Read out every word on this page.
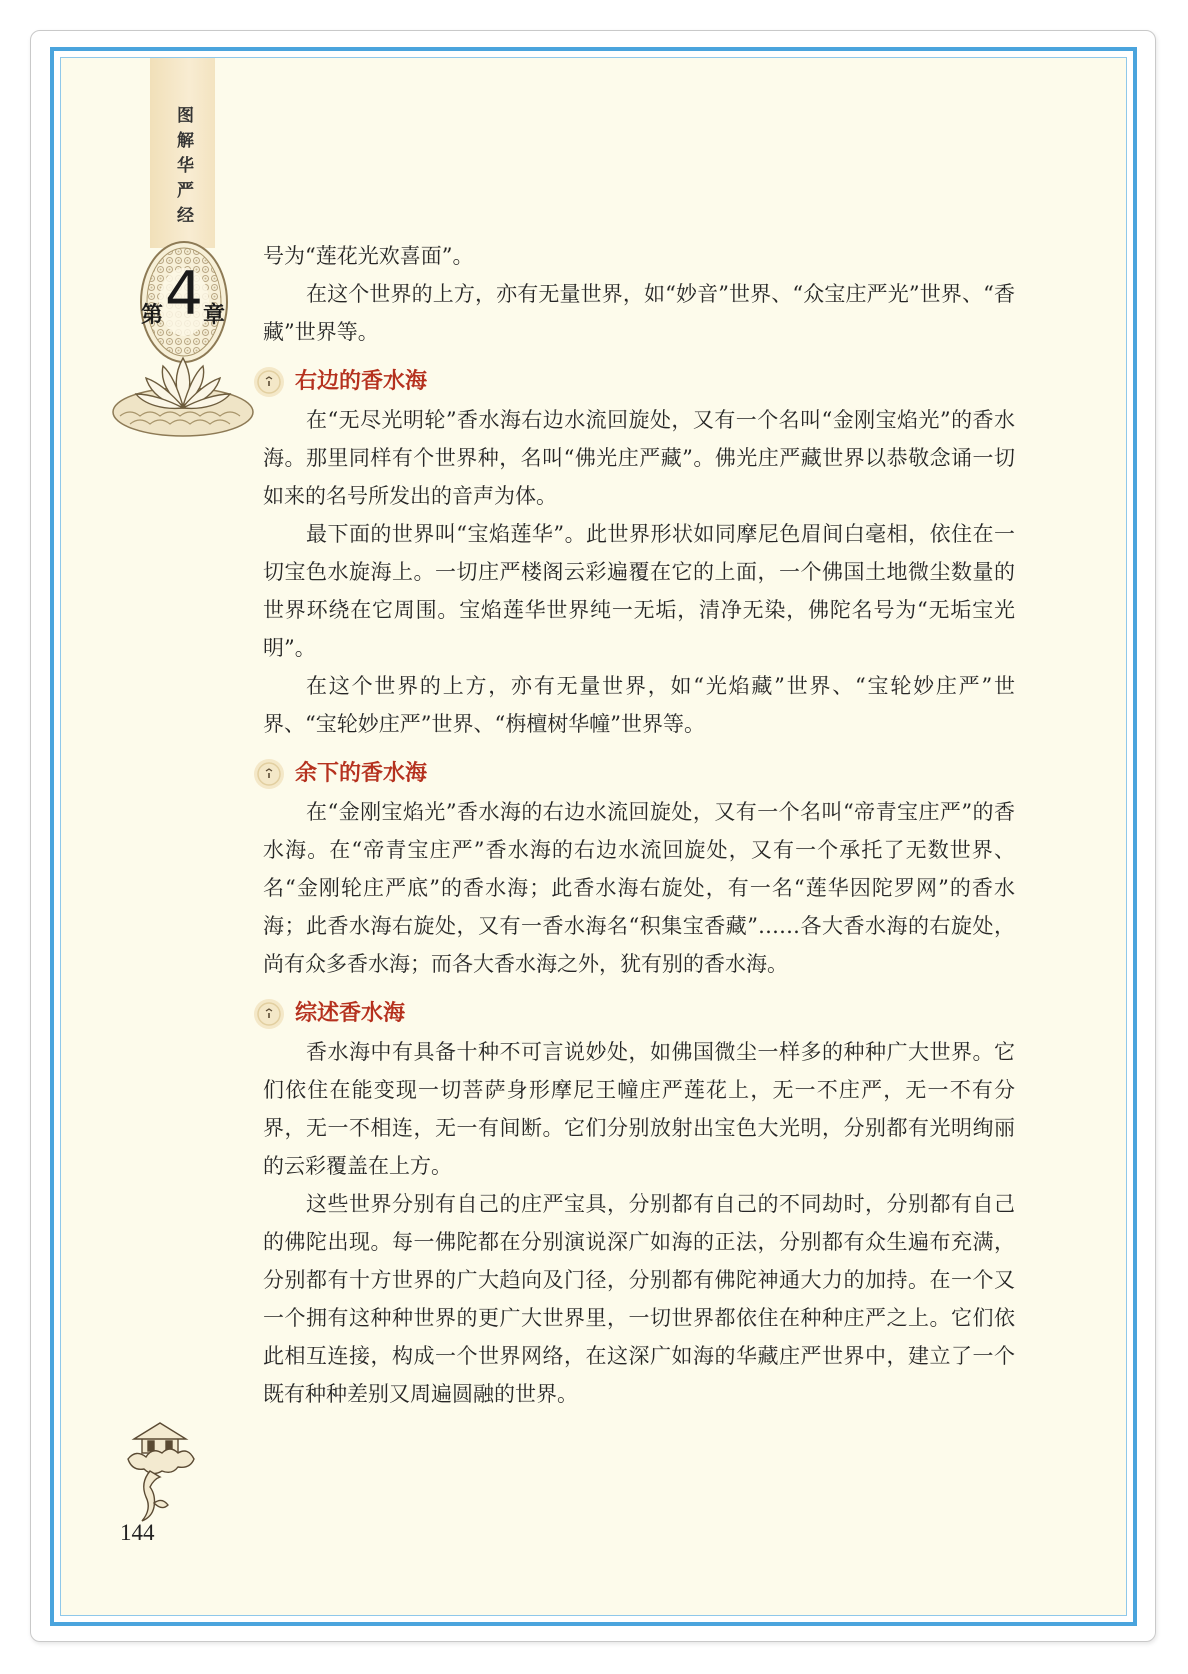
图解华严经
第 4 章
144

号为“莲花光欢喜面”。

在这个世界的上方，亦有无量世界，如“妙音”世界、“众宝庄严光”世界、“香藏”世界等。

右边的香水海

在“无尽光明轮”香水海右边水流回旋处，又有一个名叫“金刚宝焰光”的香水海。那里同样有个世界种，名叫“佛光庄严藏”。佛光庄严藏世界以恭敬念诵一切如来的名号所发出的音声为体。

最下面的世界叫“宝焰莲华”。此世界形状如同摩尼色眉间白毫相，依住在一切宝色水旋海上。一切庄严楼阁云彩遍覆在它的上面，一个佛国土地微尘数量的世界环绕在它周围。宝焰莲华世界纯一无垢，清净无染，佛陀名号为“无垢宝光明”。

在这个世界的上方，亦有无量世界，如“光焰藏”世界、“宝轮妙庄严”世界、“宝轮妙庄严”世界、“栴檀树华幢”世界等。

余下的香水海

在“金刚宝焰光”香水海的右边水流回旋处，又有一个名叫“帝青宝庄严”的香水海。在“帝青宝庄严”香水海的右边水流回旋处，又有一个承托了无数世界、名“金刚轮庄严底”的香水海；此香水海右旋处，有一名“莲华因陀罗网”的香水海；此香水海右旋处，又有一香水海名“积集宝香藏”……各大香水海的右旋处，尚有众多香水海；而各大香水海之外，犹有别的香水海。

综述香水海

香水海中有具备十种不可言说妙处，如佛国微尘一样多的种种广大世界。它们依住在能变现一切菩萨身形摩尼王幢庄严莲花上，无一不庄严，无一不有分界，无一不相连，无一有间断。它们分别放射出宝色大光明，分别都有光明绚丽的云彩覆盖在上方。

这些世界分别有自己的庄严宝具，分别都有自己的不同劫时，分别都有自己的佛陀出现。每一佛陀都在分别演说深广如海的正法，分别都有众生遍布充满，分别都有十方世界的广大趋向及门径，分别都有佛陀神通大力的加持。在一个又一个拥有这种种世界的更广大世界里，一切世界都依住在种种庄严之上。它们依此相互连接，构成一个世界网络，在这深广如海的华藏庄严世界中，建立了一个既有种种差别又周遍圆融的世界。
